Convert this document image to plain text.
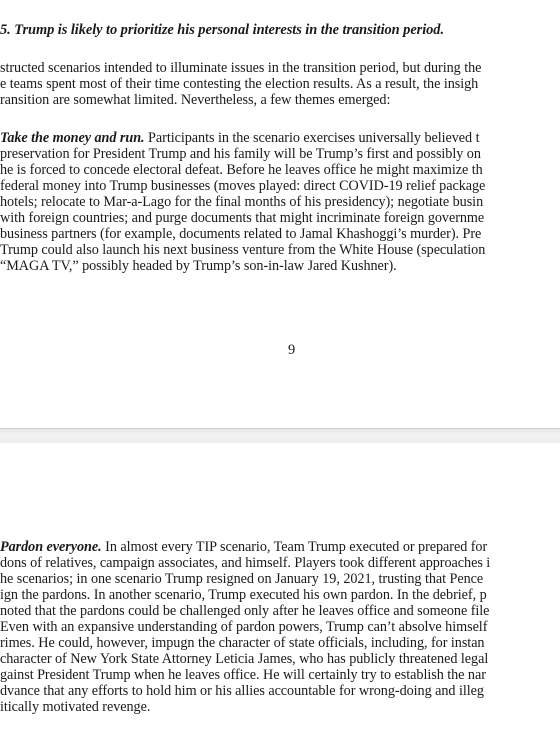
5. Trump is likely to prioritize his personal interests in the transition period.
structed scenarios intended to illuminate issues in the transition period, but during the
e teams spent most of their time contesting the election results. As a result, the insigh
ransition are somewhat limited. Nevertheless, a few themes emerged:
Take the money and run. Participants in the scenario exercises universally believed t
preservation for President Trump and his family will be Trump’s first and possibly on
he is forced to concede electoral defeat. Before he leaves office he might maximize th
federal money into Trump businesses (moves played: direct COVID-19 relief package
hotels; relocate to Mar-a-Lago for the final months of his presidency); negotiate busin
with foreign countries; and purge documents that might incriminate foreign governme
business partners (for example, documents related to Jamal Khashoggi’s murder). Pre
Trump could also launch his next business venture from the White House (speculation
“MAGA TV,” possibly headed by Trump’s son-in-law Jared Kushner).
9
Pardon everyone. In almost every TIP scenario, Team Trump executed or prepared for
dons of relatives, campaign associates, and himself. Players took different approaches i
he scenarios; in one scenario Trump resigned on January 19, 2021, trusting that Pence
ign the pardons. In another scenario, Trump executed his own pardon. In the debrief, p
noted that the pardons could be challenged only after he leaves office and someone file
Even with an expansive understanding of pardon powers, Trump can’t absolve himself
rimes. He could, however, impugn the character of state officials, including, for instan
character of New York State Attorney Leticia James, who has publicly threatened legal
gainst President Trump when he leaves office. He will certainly try to establish the nar
dvance that any efforts to hold him or his allies accountable for wrong-doing and illeg
itically motivated revenge.
